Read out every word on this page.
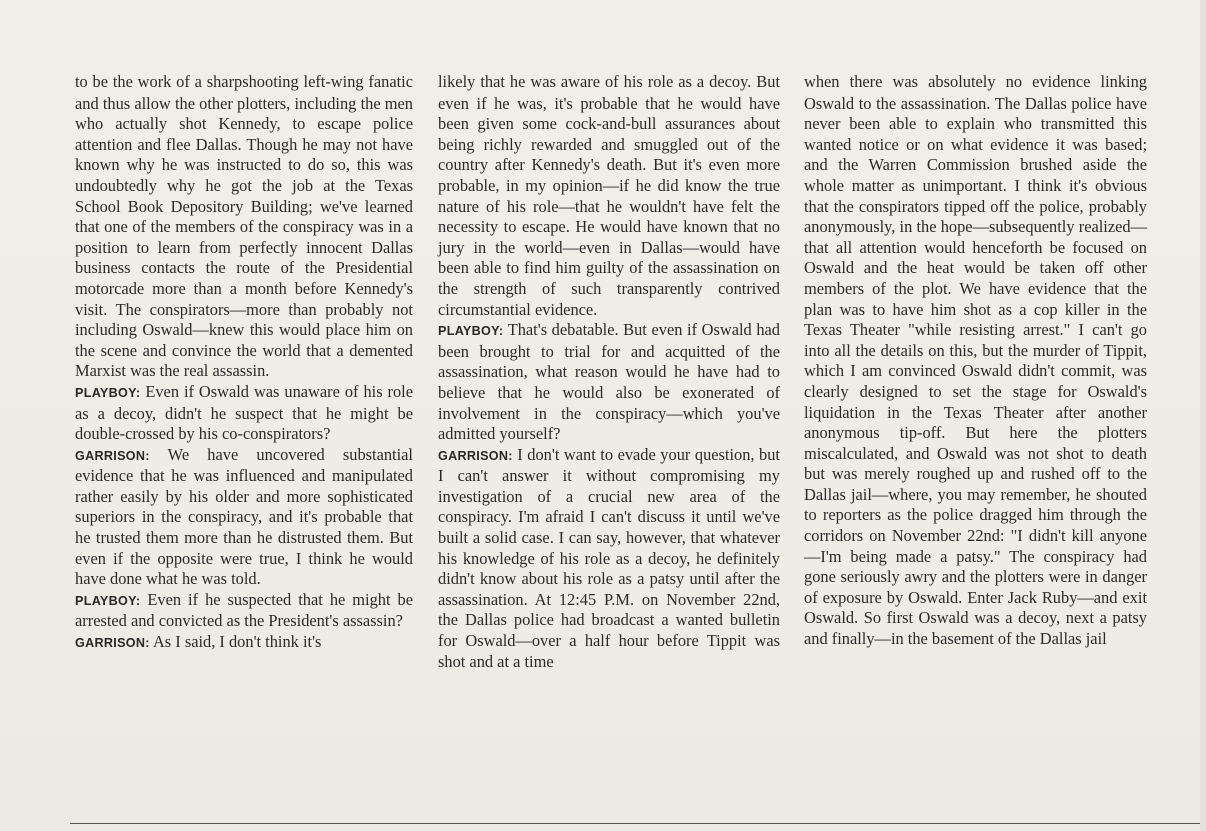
to be the work of a sharpshooting left-wing fanatic and thus allow the other plotters, including the men who actually shot Kennedy, to escape police attention and flee Dallas. Though he may not have known why he was instructed to do so, this was undoubtedly why he got the job at the Texas School Book Depository Building; we've learned that one of the members of the conspiracy was in a position to learn from perfectly innocent Dallas business contacts the route of the Presidential motorcade more than a month before Kennedy's visit. The conspirators—more than probably not including Oswald—knew this would place him on the scene and convince the world that a demented Marxist was the real assassin.

PLAYBOY: Even if Oswald was unaware of his role as a decoy, didn't he suspect that he might be double-crossed by his co-conspirators?

GARRISON: We have uncovered substantial evidence that he was influenced and manipulated rather easily by his older and more sophisticated superiors in the conspiracy, and it's probable that he trusted them more than he distrusted them. But even if the opposite were true, I think he would have done what he was told.

PLAYBOY: Even if he suspected that he might be arrested and convicted as the President's assassin?

GARRISON: As I said, I don't think it's

likely that he was aware of his role as a decoy. But even if he was, it's probable that he would have been given some cock-and-bull assurances about being richly rewarded and smuggled out of the country after Kennedy's death. But it's even more probable, in my opinion—if he did know the true nature of his role—that he wouldn't have felt the necessity to escape. He would have known that no jury in the world—even in Dallas—would have been able to find him guilty of the assassination on the strength of such transparently contrived circumstantial evidence.

PLAYBOY: That's debatable. But even if Oswald had been brought to trial for and acquitted of the assassination, what reason would he have had to believe that he would also be exonerated of involvement in the conspiracy—which you've admitted yourself?

GARRISON: I don't want to evade your question, but I can't answer it without compromising my investigation of a crucial new area of the conspiracy. I'm afraid I can't discuss it until we've built a solid case. I can say, however, that whatever his knowledge of his role as a decoy, he definitely didn't know about his role as a patsy until after the assassination. At 12:45 P.M. on November 22nd, the Dallas police had broadcast a wanted bulletin for Oswald—over a half hour before Tippit was shot and at a time

when there was absolutely no evidence linking Oswald to the assassination. The Dallas police have never been able to explain who transmitted this wanted notice or on what evidence it was based; and the Warren Commission brushed aside the whole matter as unimportant. I think it's obvious that the conspirators tipped off the police, probably anonymously, in the hope—subsequently realized—that all attention would henceforth be focused on Oswald and the heat would be taken off other members of the plot. We have evidence that the plan was to have him shot as a cop killer in the Texas Theater "while resisting arrest." I can't go into all the details on this, but the murder of Tippit, which I am convinced Oswald didn't commit, was clearly designed to set the stage for Oswald's liquidation in the Texas Theater after another anonymous tip-off. But here the plotters miscalculated, and Oswald was not shot to death but was merely roughed up and rushed off to the Dallas jail—where, you may remember, he shouted to reporters as the police dragged him through the corridors on November 22nd: "I didn't kill anyone—I'm being made a patsy." The conspiracy had gone seriously awry and the plotters were in danger of exposure by Oswald. Enter Jack Ruby—and exit Oswald. So first Oswald was a decoy, next a patsy and finally—in the basement of the Dallas jail
